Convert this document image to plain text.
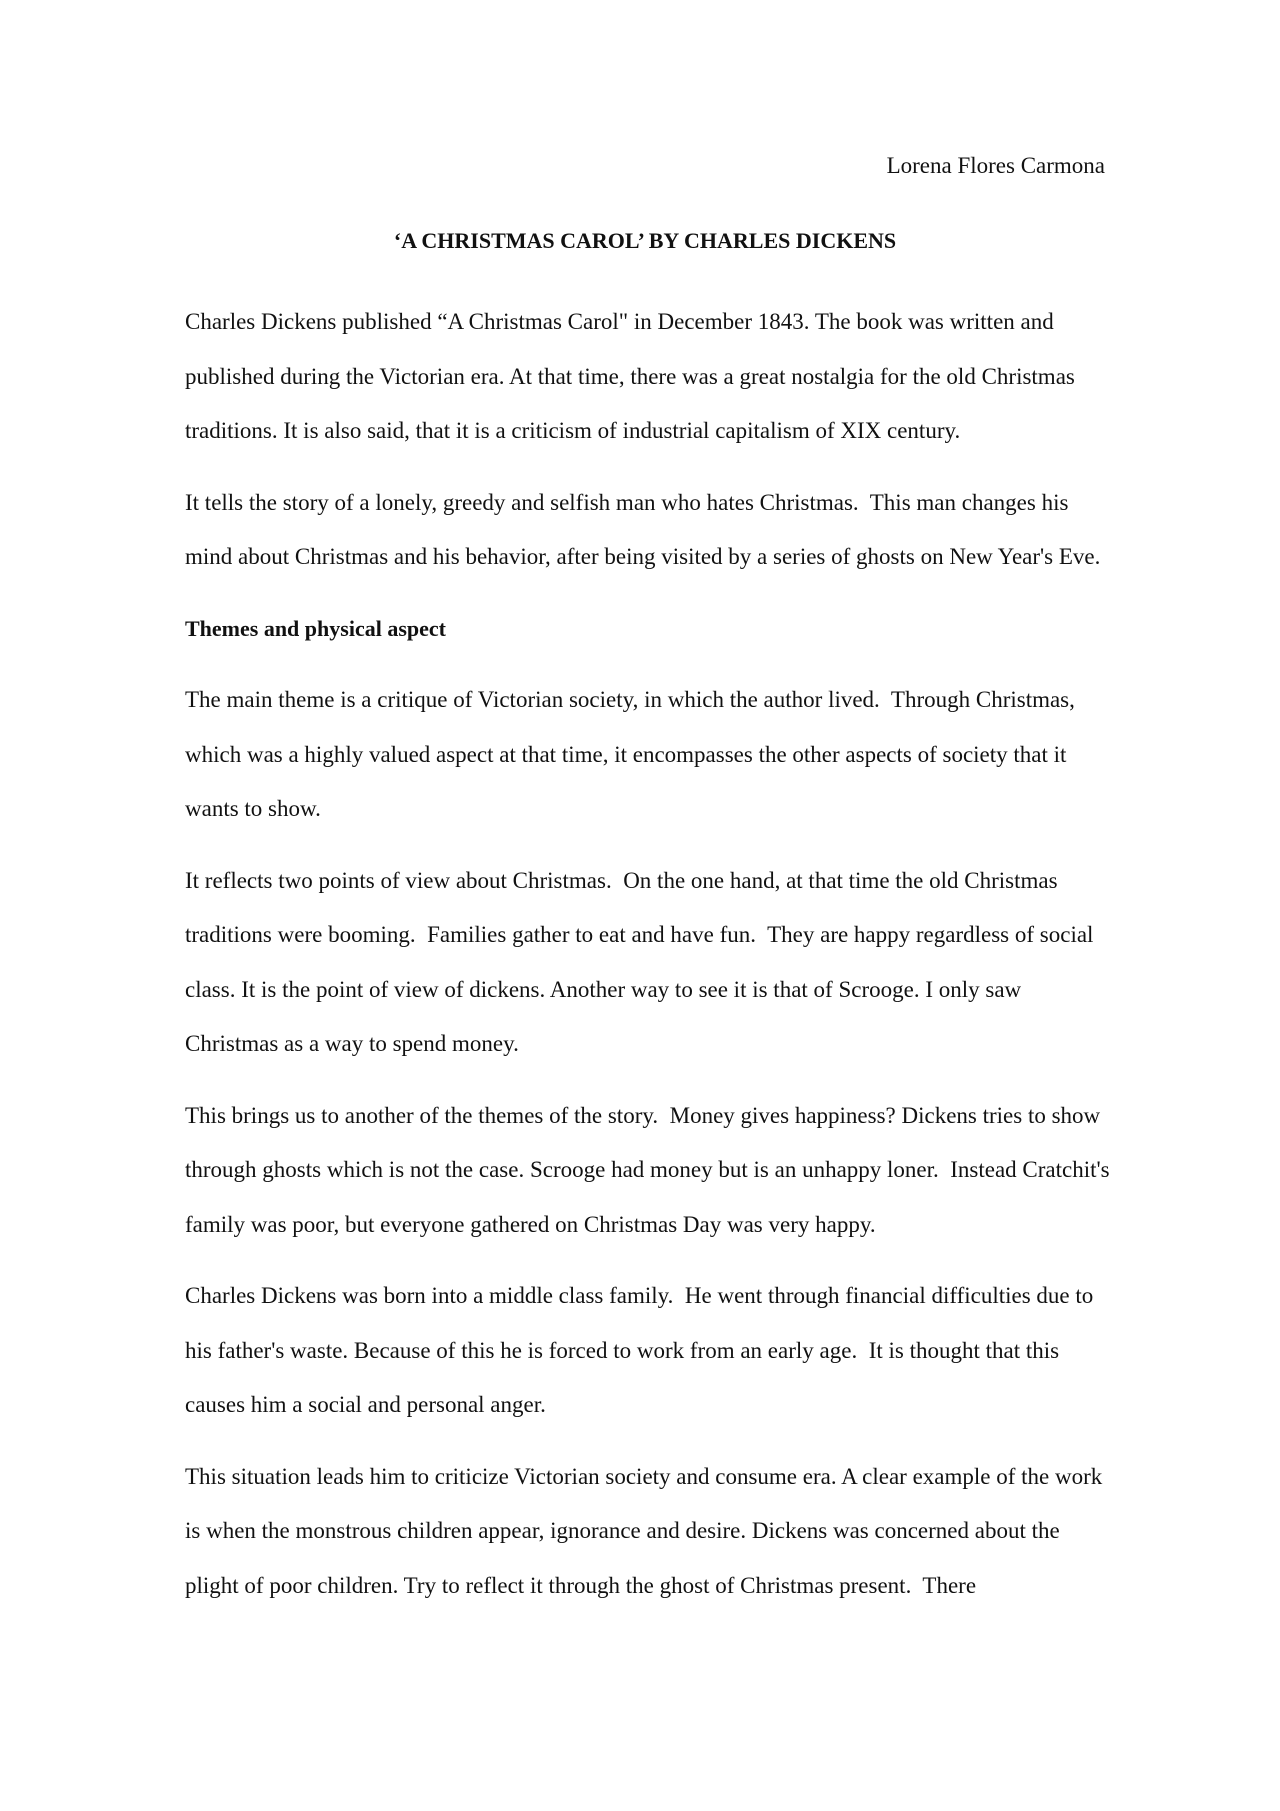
Lorena Flores Carmona
‘A CHRISTMAS CAROL’ BY CHARLES DICKENS

Charles Dickens published “A Christmas Carol" in December 1843. The book was written and published during the Victorian era. At that time, there was a great nostalgia for the old Christmas traditions. It is also said, that it is a criticism of industrial capitalism of XIX century.

It tells the story of a lonely, greedy and selfish man who hates Christmas.  This man changes his mind about Christmas and his behavior, after being visited by a series of ghosts on New Year's Eve.

Themes and physical aspect

The main theme is a critique of Victorian society, in which the author lived.  Through Christmas, which was a highly valued aspect at that time, it encompasses the other aspects of society that it wants to show.

It reflects two points of view about Christmas.  On the one hand, at that time the old Christmas traditions were booming.  Families gather to eat and have fun.  They are happy regardless of social class. It is the point of view of dickens. Another way to see it is that of Scrooge. I only saw Christmas as a way to spend money.

This brings us to another of the themes of the story.  Money gives happiness? Dickens tries to show through ghosts which is not the case. Scrooge had money but is an unhappy loner.  Instead Cratchit's family was poor, but everyone gathered on Christmas Day was very happy.

Charles Dickens was born into a middle class family.  He went through financial difficulties due to his father's waste. Because of this he is forced to work from an early age.  It is thought that this causes him a social and personal anger.

This situation leads him to criticize Victorian society and consume era. A clear example of the work is when the monstrous children appear, ignorance and desire. Dickens was concerned about the plight of poor children. Try to reflect it through the ghost of Christmas present.  There
